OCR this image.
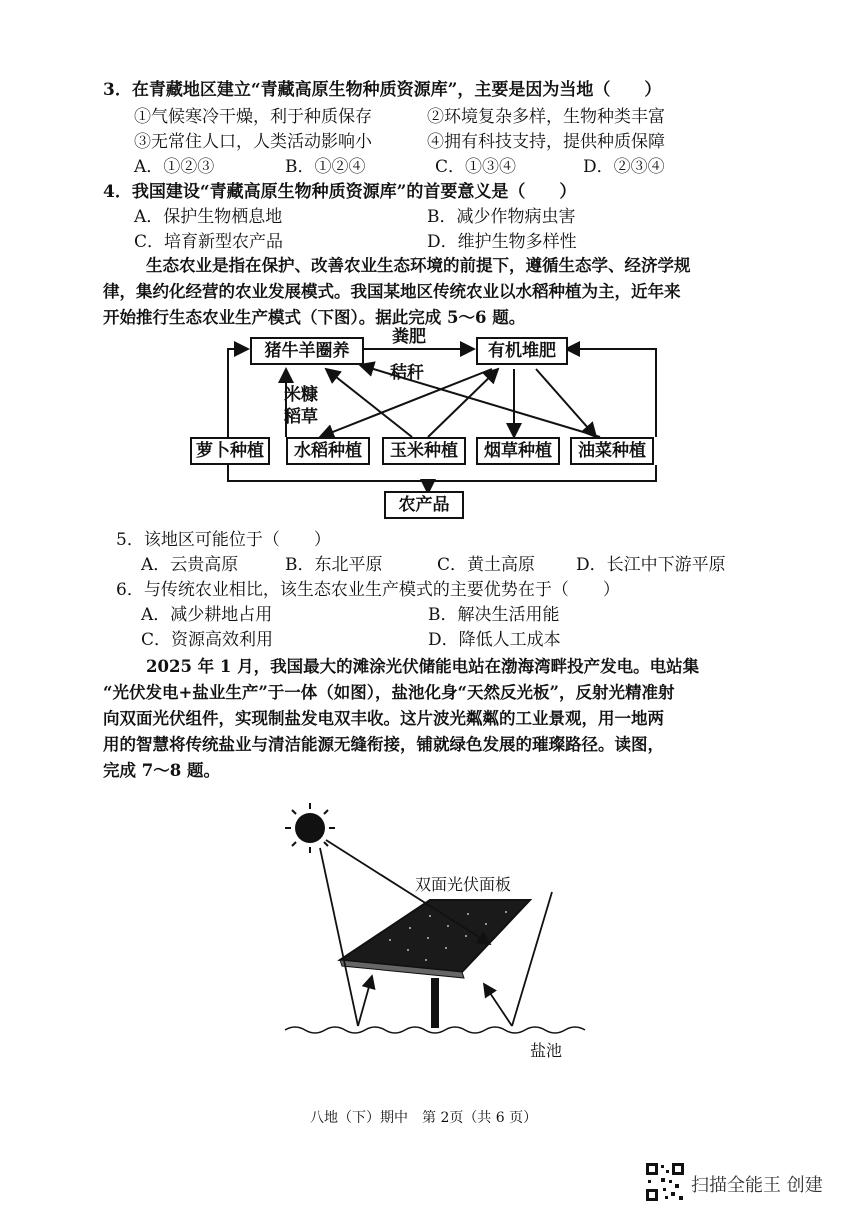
3．在青藏地区建立“青藏高原生物种质资源库”，主要是因为当地（　　）
①气候寒冷干燥，利于种质保存	②环境复杂多样，生物种类丰富
③无常住人口，人类活动影响小	④拥有科技支持，提供种质保障
A．①②③	B．①②④	C．①③④	D．②③④
4．我国建设“青藏高原生物种质资源库”的首要意义是（　　）
A．保护生物栖息地	B．减少作物病虫害
C．培育新型农产品	D．维护生物多样性
生态农业是指在保护、改善农业生态环境的前提下，遵循生态学、经济学规
律，集约化经营的农业发展模式。我国某地区传统农业以水稻种植为主，近年来
开始推行生态农业生产模式（下图）。据此完成 5～6 题。
猪牛羊圈养	有机堆肥
粪肥
秸秆
米糠
稻草
萝卜种植	水稻种植	玉米种植	烟草种植	油菜种植
农产品
5．该地区可能位于（　　）
A．云贵高原	B．东北平原	C．黄土高原 D．长江中下游平原
6．与传统农业相比，该生态农业生产模式的主要优势在于（　　）
A．减少耕地占用	B．解决生活用能
C．资源高效利用	D．降低人工成本
2025 年 1 月，我国最大的滩涂光伏储能电站在渤海湾畔投产发电。电站集
“光伏发电+盐业生产”于一体（如图），盐池化身“天然反光板”，反射光精准射
向双面光伏组件，实现制盐发电双丰收。这片波光粼粼的工业景观，用一地两
用的智慧将传统盐业与清洁能源无缝衔接，铺就绿色发展的璀璨路径。读图，
完成 7～8 题。
双面光伏面板
盐池
八地（下）期中　第 2页（共 6 页）
扫描全能王 创建
